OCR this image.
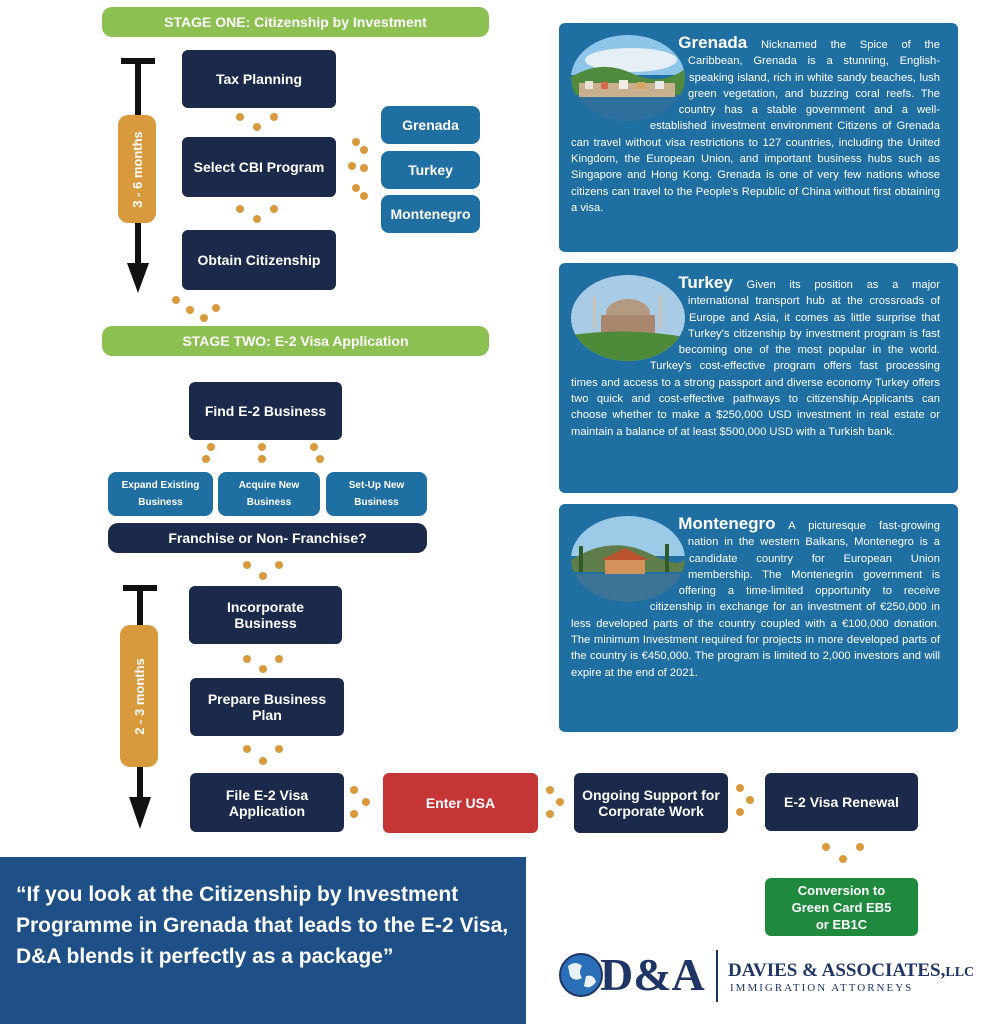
STAGE ONE: Citizenship by Investment
3 - 6 months
Tax Planning
Select CBI Program
Obtain Citizenship
Grenada
Turkey
Montenegro
STAGE TWO: E-2 Visa Application
Find E-2 Business
Expand Existing Business
Acquire New Business
Set-Up New Business
Franchise or Non- Franchise?
2 - 3 months
Incorporate Business
Prepare Business Plan
File E-2 Visa Application	Enter USA	Ongoing Support for Corporate Work
E-2 Visa Renewal
Conversion to Green Card EB5 or EB1C
Grenada Nicknamed the Spice of the Caribbean, Grenada is a stunning, English-speaking island, rich in white sandy beaches, lush green vegetation, and buzzing coral reefs. The country has a stable government and a well-established investment environment Citizens of Grenada can travel without visa restrictions to 127 countries, including the United Kingdom, the European Union, and important business hubs such as Singapore and Hong Kong. Grenada is one of very few nations whose citizens can travel to the People's Republic of China without first obtaining a visa.
Turkey Given its position as a major international transport hub at the crossroads of Europe and Asia, it comes as little surprise that Turkey's citizenship by investment program is fast becoming one of the most popular in the world. Turkey's cost-effective program offers fast processing times and access to a strong passport and diverse economy Turkey offers two quick and cost-effective pathways to citizenship.Applicants can choose whether to make a $250,000 USD investment in real estate or maintain a balance of at least $500,000 USD with a Turkish bank.
Montenegro A picturesque fast-growing nation in the western Balkans, Montenegro is a candidate country for European Union membership. The Montenegrin government is offering a time-limited opportunity to receive citizenship in exchange for an investment of €250,000 in less developed parts of the country coupled with a €100,000 donation. The minimum Investment required for projects in more developed parts of the country is €450,000. The program is limited to 2,000 investors and will expire at the end of 2021.
“If you look at the Citizenship by Investment Programme in Grenada that leads to the E-2 Visa, D&A blends it perfectly as a package”	D&A DAVIES & ASSOCIATES,LLC
IMMIGRATION ATTORNEYS
